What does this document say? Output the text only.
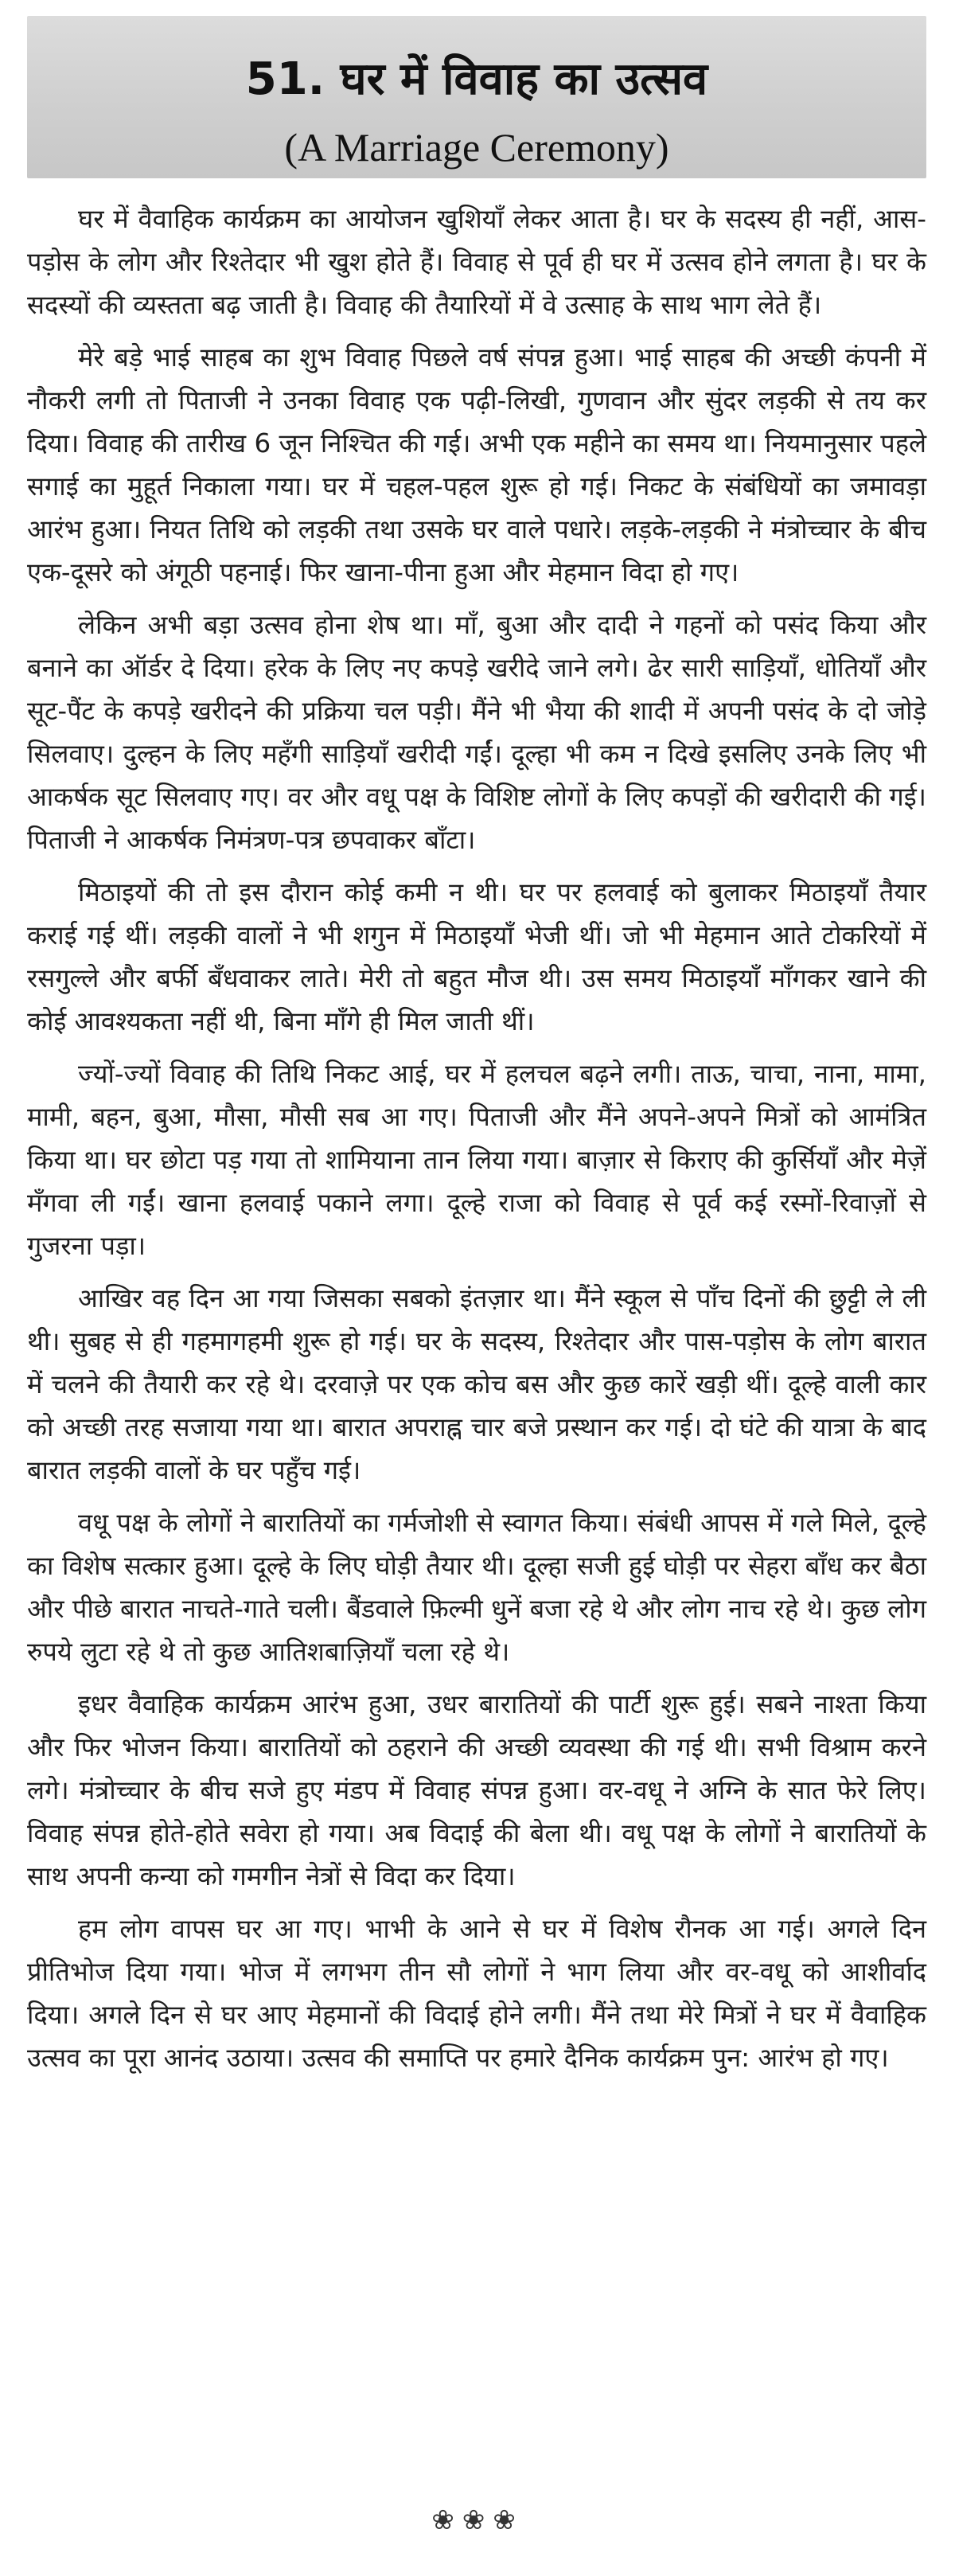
51. घर में विवाह का उत्सव
(A Marriage Ceremony)

घर में वैवाहिक कार्यक्रम का आयोजन खुशियाँ लेकर आता है। घर के सदस्य ही नहीं, आस-पड़ोस के लोग और रिश्तेदार भी खुश होते हैं। विवाह से पूर्व ही घर में उत्सव होने लगता है। घर के सदस्यों की व्यस्तता बढ़ जाती है। विवाह की तैयारियों में वे उत्साह के साथ भाग लेते हैं।

मेरे बड़े भाई साहब का शुभ विवाह पिछले वर्ष संपन्न हुआ। भाई साहब की अच्छी कंपनी में नौकरी लगी तो पिताजी ने उनका विवाह एक पढ़ी-लिखी, गुणवान और सुंदर लड़की से तय कर दिया। विवाह की तारीख 6 जून निश्चित की गई। अभी एक महीने का समय था। नियमानुसार पहले सगाई का मुहूर्त निकाला गया। घर में चहल-पहल शुरू हो गई। निकट के संबंधियों का जमावड़ा आरंभ हुआ। नियत तिथि को लड़की तथा उसके घर वाले पधारे। लड़के-लड़की ने मंत्रोच्चार के बीच एक-दूसरे को अंगूठी पहनाई। फिर खाना-पीना हुआ और मेहमान विदा हो गए।

लेकिन अभी बड़ा उत्सव होना शेष था। माँ, बुआ और दादी ने गहनों को पसंद किया और बनाने का ऑर्डर दे दिया। हरेक के लिए नए कपड़े खरीदे जाने लगे। ढेर सारी साड़ियाँ, धोतियाँ और सूट-पैंट के कपड़े खरीदने की प्रक्रिया चल पड़ी। मैंने भी भैया की शादी में अपनी पसंद के दो जोड़े सिलवाए। दुल्हन के लिए महँगी साड़ियाँ खरीदी गईं। दूल्हा भी कम न दिखे इसलिए उनके लिए भी आकर्षक सूट सिलवाए गए। वर और वधू पक्ष के विशिष्ट लोगों के लिए कपड़ों की खरीदारी की गई। पिताजी ने आकर्षक निमंत्रण-पत्र छपवाकर बाँटा।

मिठाइयों की तो इस दौरान कोई कमी न थी। घर पर हलवाई को बुलाकर मिठाइयाँ तैयार कराई गई थीं। लड़की वालों ने भी शगुन में मिठाइयाँ भेजी थीं। जो भी मेहमान आते टोकरियों में रसगुल्ले और बर्फी बँधवाकर लाते। मेरी तो बहुत मौज थी। उस समय मिठाइयाँ माँगकर खाने की कोई आवश्यकता नहीं थी, बिना माँगे ही मिल जाती थीं।

ज्यों-ज्यों विवाह की तिथि निकट आई, घर में हलचल बढ़ने लगी। ताऊ, चाचा, नाना, मामा, मामी, बहन, बुआ, मौसा, मौसी सब आ गए। पिताजी और मैंने अपने-अपने मित्रों को आमंत्रित किया था। घर छोटा पड़ गया तो शामियाना तान लिया गया। बाज़ार से किराए की कुर्सियाँ और मेज़ें मँगवा ली गईं। खाना हलवाई पकाने लगा। दूल्हे राजा को विवाह से पूर्व कई रस्मों-रिवाज़ों से गुजरना पड़ा।

आखिर वह दिन आ गया जिसका सबको इंतज़ार था। मैंने स्कूल से पाँच दिनों की छुट्टी ले ली थी। सुबह से ही गहमागहमी शुरू हो गई। घर के सदस्य, रिश्तेदार और पास-पड़ोस के लोग बारात में चलने की तैयारी कर रहे थे। दरवाज़े पर एक कोच बस और कुछ कारें खड़ी थीं। दूल्हे वाली कार को अच्छी तरह सजाया गया था। बारात अपराह्न चार बजे प्रस्थान कर गई। दो घंटे की यात्रा के बाद बारात लड़की वालों के घर पहुँच गई।

वधू पक्ष के लोगों ने बारातियों का गर्मजोशी से स्वागत किया। संबंधी आपस में गले मिले, दूल्हे का विशेष सत्कार हुआ। दूल्हे के लिए घोड़ी तैयार थी। दूल्हा सजी हुई घोड़ी पर सेहरा बाँध कर बैठा और पीछे बारात नाचते-गाते चली। बैंडवाले फ़िल्मी धुनें बजा रहे थे और लोग नाच रहे थे। कुछ लोग रुपये लुटा रहे थे तो कुछ आतिशबाज़ियाँ चला रहे थे।

इधर वैवाहिक कार्यक्रम आरंभ हुआ, उधर बारातियों की पार्टी शुरू हुई। सबने नाश्ता किया और फिर भोजन किया। बारातियों को ठहराने की अच्छी व्यवस्था की गई थी। सभी विश्राम करने लगे। मंत्रोच्चार के बीच सजे हुए मंडप में विवाह संपन्न हुआ। वर-वधू ने अग्नि के सात फेरे लिए। विवाह संपन्न होते-होते सवेरा हो गया। अब विदाई की बेला थी। वधू पक्ष के लोगों ने बारातियों के साथ अपनी कन्या को गमगीन नेत्रों से विदा कर दिया।

हम लोग वापस घर आ गए। भाभी के आने से घर में विशेष रौनक आ गई। अगले दिन प्रीतिभोज दिया गया। भोज में लगभग तीन सौ लोगों ने भाग लिया और वर-वधू को आशीर्वाद दिया। अगले दिन से घर आए मेहमानों की विदाई होने लगी। मैंने तथा मेरे मित्रों ने घर में वैवाहिक उत्सव का पूरा आनंद उठाया। उत्सव की समाप्ति पर हमारे दैनिक कार्यक्रम पुन: आरंभ हो गए।

❀❀❀
